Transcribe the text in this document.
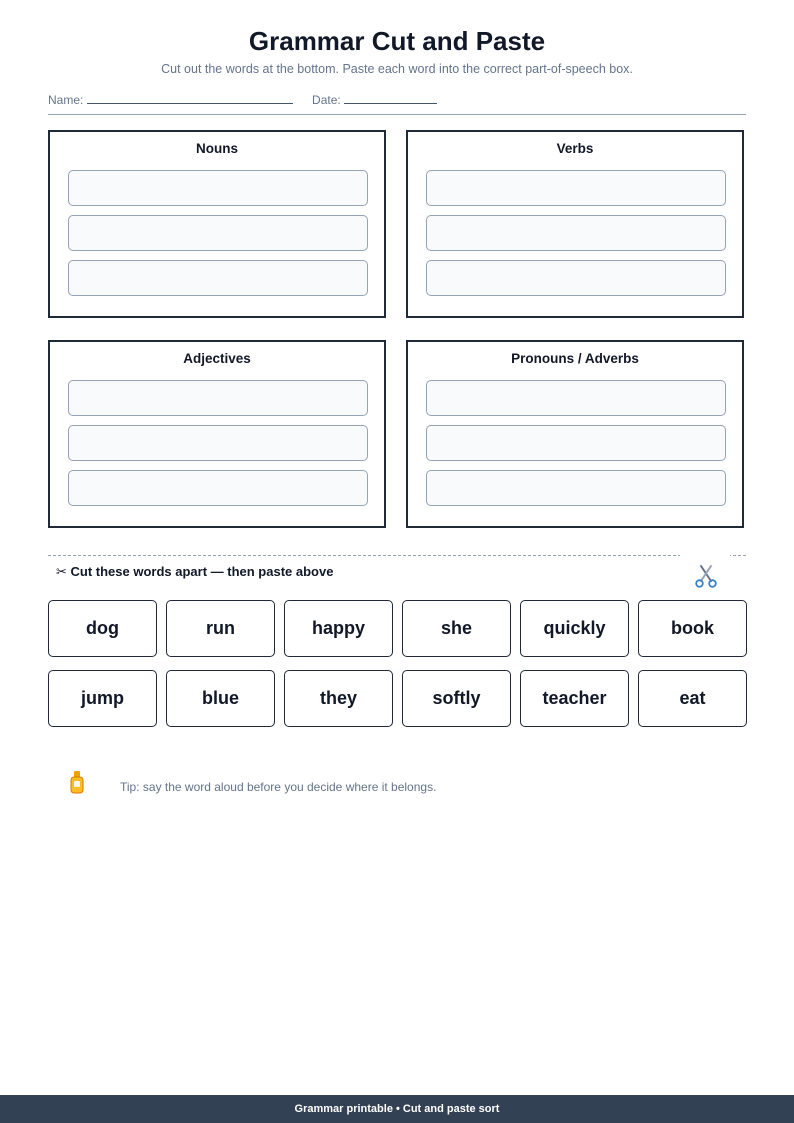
Grammar Cut and Paste
Cut out the words at the bottom. Paste each word into the correct part-of-speech box.
Name:	Date:
Nouns	Verbs
Adjectives	Pronouns / Adverbs
✂ Cut these words apart — then paste above
dog	run	happy	she	quickly	book
jump	blue	they	softly	teacher	eat
Tip: say the word aloud before you decide where it belongs.
Grammar printable • Cut and paste sort
